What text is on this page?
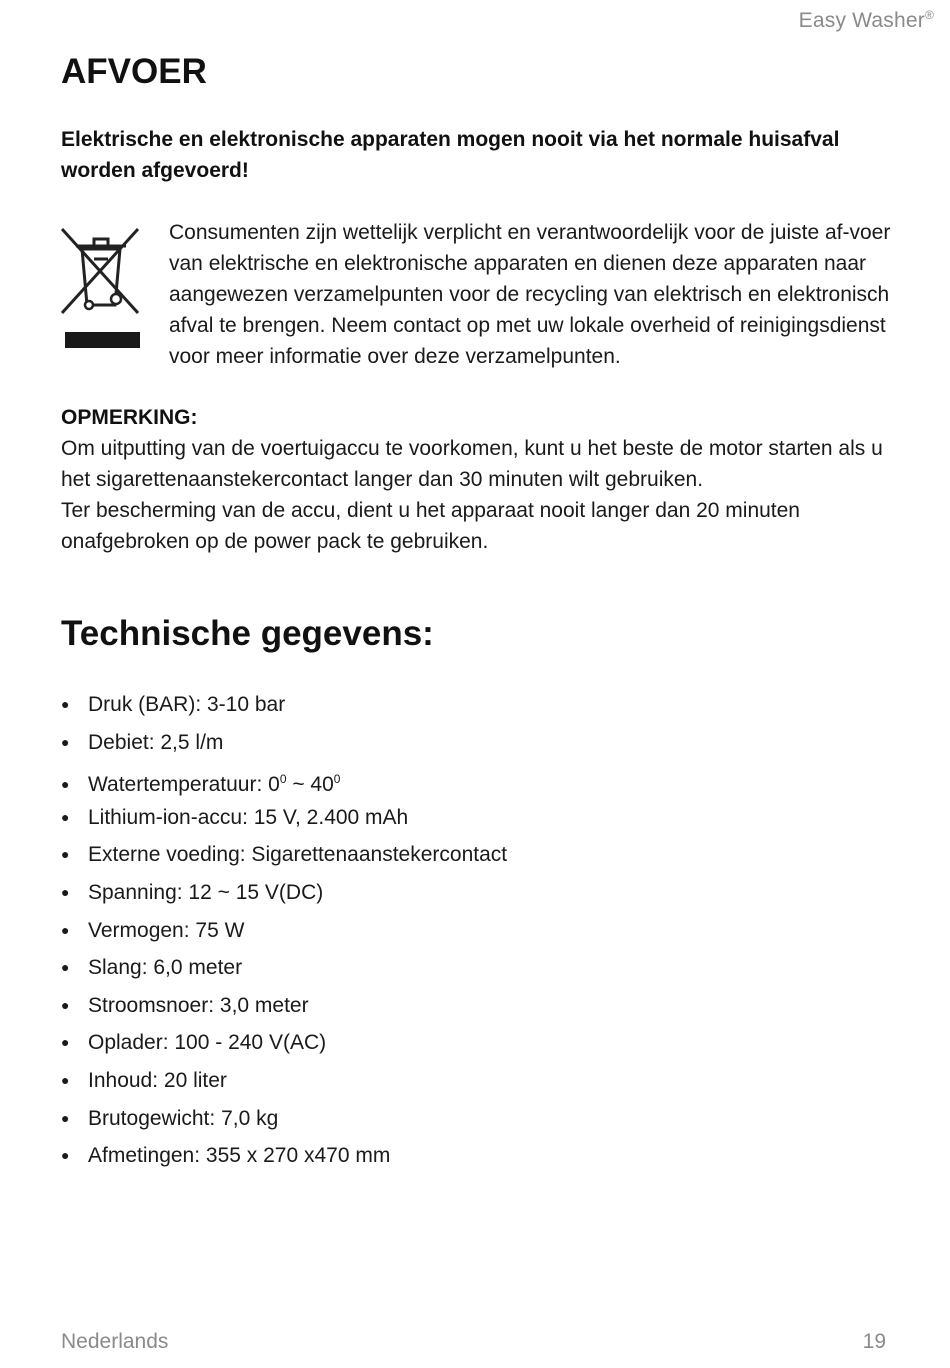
Easy Washer®
AFVOER

Elektrische en elektronische apparaten mogen nooit via het normale huisafval worden afgevoerd!

Consumenten zijn wettelijk verplicht en verantwoordelijk voor de juiste af-voer van elektrische en elektronische apparaten en dienen deze apparaten naar aangewezen verzamelpunten voor de recycling van elektrisch en elektronisch afval te brengen. Neem contact op met uw lokale overheid of reinigingsdienst voor meer informatie over deze verzamelpunten.

OPMERKING:

Om uitputting van de voertuigaccu te voorkomen, kunt u het beste de motor starten als u het sigarettenaanstekercontact langer dan 30 minuten wilt gebruiken.
Ter bescherming van de accu, dient u het apparaat nooit langer dan 20 minuten onafgebroken op de power pack te gebruiken.

Technische gegevens:
● Druk (BAR): 3-10 bar
● Debiet: 2,5 l/m
● Watertemperatuur: $0^0$ ~ $40^0$
● Lithium-ion-accu: 15 V, 2.400 mAh
● Externe voeding: Sigarettenaanstekercontact
● Spanning: 12 ~ 15 V(DC)
● Vermogen: 75 W
● Slang: 6,0 meter
● Stroomsnoer: 3,0 meter
● Oplader: 100 - 240 V(AC)
● Inhoud: 20 liter
● Brutogewicht: 7,0 kg
● Afmetingen: 355 x 270 x470 mm
Nederlands	19
